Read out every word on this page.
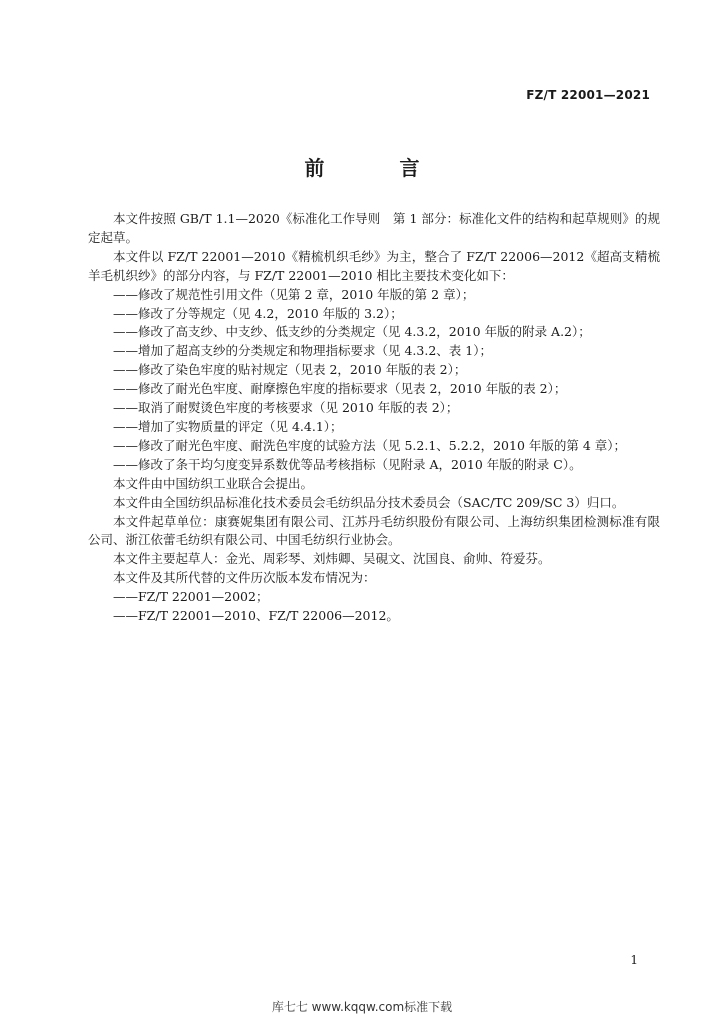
FZ/T 22001—2021
前 言

本文件按照 GB/T 1.1—2020《标准化工作导则　第 1 部分：标准化文件的结构和起草规则》的规定起草。

本文件以 FZ/T 22001—2010《精梳机织毛纱》为主，整合了 FZ/T 22006—2012《超高支精梳羊毛机织纱》的部分内容，与 FZ/T 22001—2010 相比主要技术变化如下：

——修改了规范性引用文件（见第 2 章，2010 年版的第 2 章）；

——修改了分等规定（见 4.2，2010 年版的 3.2）；

——修改了高支纱、中支纱、低支纱的分类规定（见 4.3.2，2010 年版的附录 A.2）；

——增加了超高支纱的分类规定和物理指标要求（见 4.3.2、表 1）；

——修改了染色牢度的贴衬规定（见表 2，2010 年版的表 2）；

——修改了耐光色牢度、耐摩擦色牢度的指标要求（见表 2，2010 年版的表 2）；

——取消了耐熨烫色牢度的考核要求（见 2010 年版的表 2）；

——增加了实物质量的评定（见 4.4.1）；

——修改了耐光色牢度、耐洗色牢度的试验方法（见 5.2.1、5.2.2，2010 年版的第 4 章）；

——修改了条干均匀度变异系数优等品考核指标（见附录 A，2010 年版的附录 C）。

本文件由中国纺织工业联合会提出。

本文件由全国纺织品标准化技术委员会毛纺织品分技术委员会（SAC/TC 209/SC 3）归口。

本文件起草单位：康赛妮集团有限公司、江苏丹毛纺织股份有限公司、上海纺织集团检测标准有限公司、浙江依蕾毛纺织有限公司、中国毛纺织行业协会。

本文件主要起草人：金光、周彩琴、刘炜卿、吴硯文、沈国良、俞帅、符爱芬。

本文件及其所代替的文件历次版本发布情况为：

——FZ/T 22001—2002；

——FZ/T 22001—2010、FZ/T 22006—2012。

1
库七七 www.kqqw.com标准下载
